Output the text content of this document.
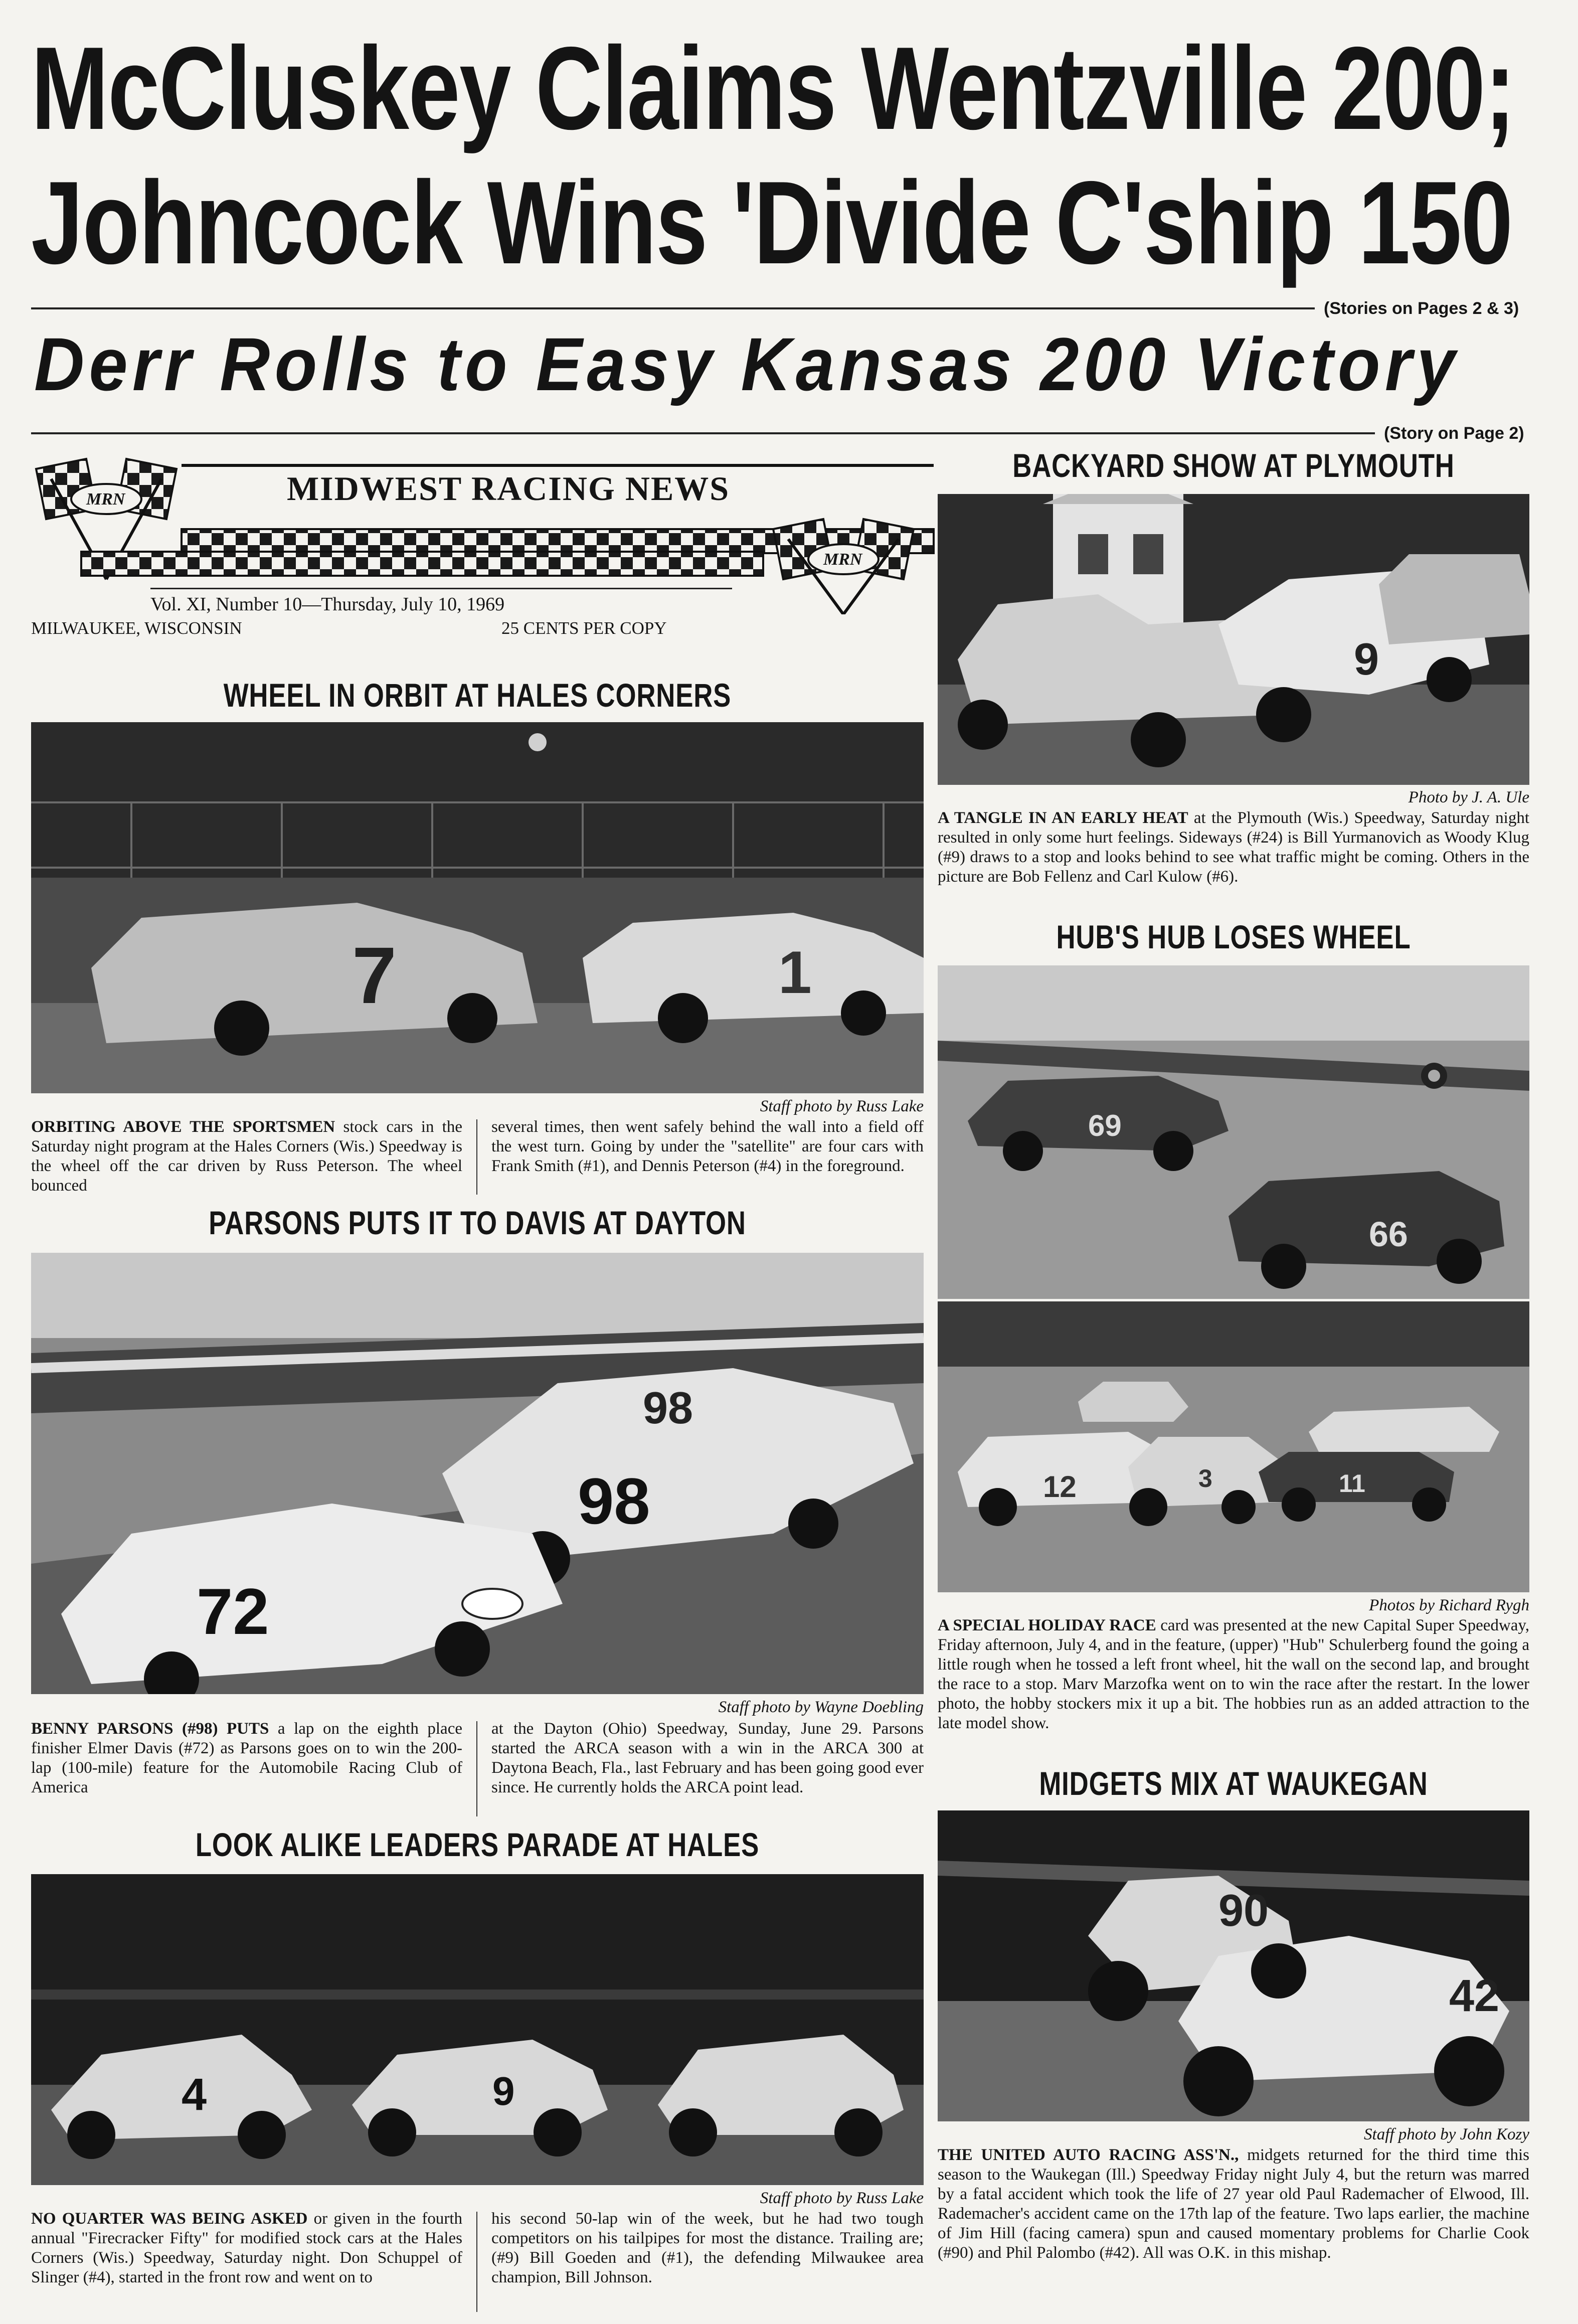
McCluskey Claims Wentzville 200;
Johncock Wins 'Divide C'ship 150
(Stories on Pages 2 & 3)
Derr Rolls to Easy Kansas 200 Victory
(Story on Page 2)
MRN
MRN
MIDWEST RACING NEWS
Vol. XI, Number 10—Thursday, July 10, 1969
MILWAUKEE, WISCONSIN	25 CENTS PER COPY
WHEEL IN ORBIT AT HALES CORNERS
7	1
Staff photo by Russ Lake
ORBITING ABOVE THE SPORTSMEN stock cars in the Saturday night program at the Hales Corners (Wis.) Speedway is the wheel off the car driven by Russ Peterson. The wheel bounced
several times, then went safely behind the wall into a field off the west turn. Going by under the "satellite" are four cars with Frank Smith (#1), and Dennis Peterson (#4) in the foreground.
PARSONS PUTS IT TO DAVIS AT DAYTON
98
98
72
Staff photo by Wayne Doebling
BENNY PARSONS (#98) PUTS a lap on the eighth place finisher Elmer Davis (#72) as Parsons goes on to win the 200-lap (100-mile) feature for the Automobile Racing Club of America
at the Dayton (Ohio) Speedway, Sunday, June 29. Parsons started the ARCA season with a win in the ARCA 300 at Daytona Beach, Fla., last February and has been going good ever since. He currently holds the ARCA point lead.
LOOK ALIKE LEADERS PARADE AT HALES
4	9
Staff photo by Russ Lake
NO QUARTER WAS BEING ASKED or given in the fourth annual "Firecracker Fifty" for modified stock cars at the Hales Corners (Wis.) Speedway, Saturday night. Don Schuppel of Slinger (#4), started in the front row and went on to
his second 50-lap win of the week, but he had two tough competitors on his tailpipes for most the distance. Trailing are; (#9) Bill Goeden and (#1), the defending Milwaukee area champion, Bill Johnson.
BACKYARD SHOW AT PLYMOUTH
9
Photo by J. A. Ule
A TANGLE IN AN EARLY HEAT at the Plymouth (Wis.) Speedway, Saturday night resulted in only some hurt feelings. Sideways (#24) is Bill Yurmanovich as Woody Klug (#9) draws to a stop and looks behind to see what traffic might be coming. Others in the picture are Bob Fellenz and Carl Kulow (#6).
HUB'S HUB LOSES WHEEL
69
66
12	3	11
Photos by Richard Rygh
A SPECIAL HOLIDAY RACE card was presented at the new Capital Super Speedway, Friday afternoon, July 4, and in the feature, (upper) "Hub" Schulerberg found the going a little rough when he tossed a left front wheel, hit the wall on the second lap, and brought the race to a stop. Marv Marzofka went on to win the race after the restart. In the lower photo, the hobby stockers mix it up a bit. The hobbies run as an added attraction to the late model show.
MIDGETS MIX AT WAUKEGAN
90
42
Staff photo by John Kozy
THE UNITED AUTO RACING ASS'N., midgets returned for the third time this season to the Waukegan (Ill.) Speedway Friday night July 4, but the return was marred by a fatal accident which took the life of 27 year old Paul Rademacher of Elwood, Ill. Rademacher's accident came on the 17th lap of the feature. Two laps earlier, the machine of Jim Hill (facing camera) spun and caused momentary problems for Charlie Cook (#90) and Phil Palombo (#42). All was O.K. in this mishap.
